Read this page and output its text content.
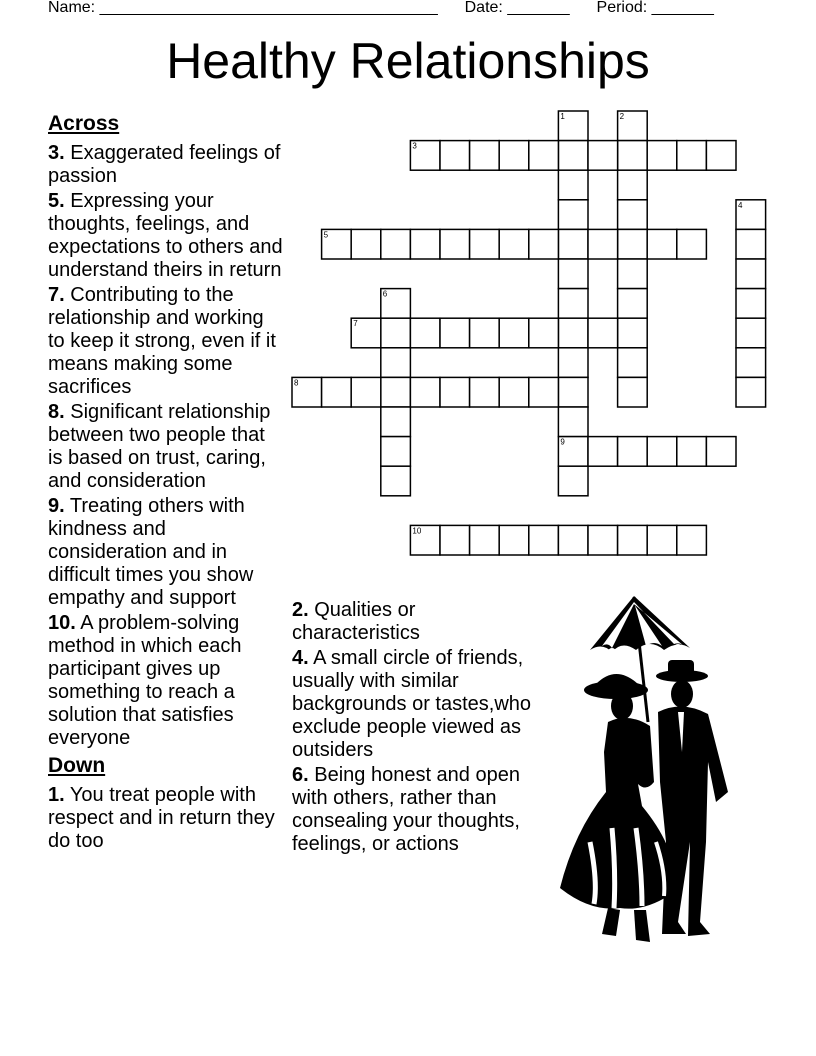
Name: ______________________________________ Date: _______ Period: _______
Healthy Relationships
Across
3. Exaggerated feelings of passion
5. Expressing your thoughts, feelings, and expectations to others and understand theirs in return
7. Contributing to the relationship and working to keep it strong, even if it means making some sacrifices
8. Significant relationship between two people that is based on trust, caring, and consideration
9. Treating others with kindness and consideration and in difficult times you show empathy and support
10. A problem-solving method in which each participant gives up something to reach a solution that satisfies everyone
Down
1. You treat people with respect and in return they do too
2. Qualities or characteristics
4. A small circle of friends, usually with similar backgrounds or tastes,who exclude people viewed as outsiders
6. Being honest and open with others, rather than consealing your thoughts, feelings, or actions
1	2
3
4
5
6
7
8
9
10
